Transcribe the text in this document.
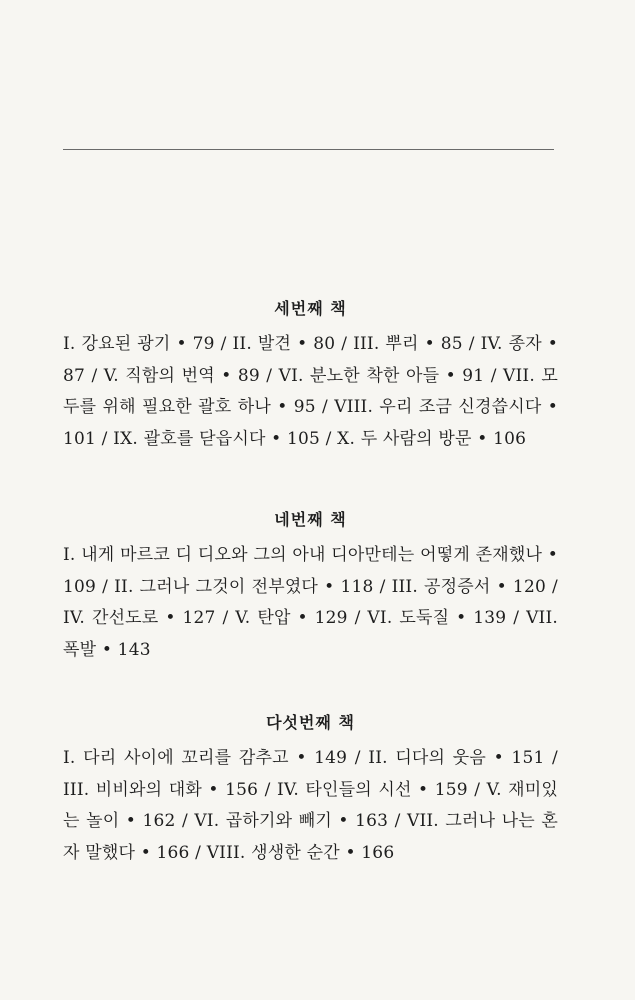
세번째 책
I. 강요된 광기 • 79 / II. 발견 • 80 / III. 뿌리 • 85 / IV. 종자 • 87 / V. 직함의 번역 • 89 / VI. 분노한 착한 아들 • 91 / VII. 모두를 위해 필요한 괄호 하나 • 95 / VIII. 우리 조금 신경씁시다 • 101 / IX. 괄호를 닫읍시다 • 105 / X. 두 사람의 방문 • 106
네번째 책
I. 내게 마르코 디 디오와 그의 아내 디아만테는 어떻게 존재했나 • 109 / II. 그러나 그것이 전부였다 • 118 / III. 공정증서 • 120 / IV. 간선도로 • 127 / V. 탄압 • 129 / VI. 도둑질 • 139 / VII. 폭발 • 143
다섯번째 책
I. 다리 사이에 꼬리를 감추고 • 149 / II. 디다의 웃음 • 151 / III. 비비와의 대화 • 156 / IV. 타인들의 시선 • 159 / V. 재미있는 놀이 • 162 / VI. 곱하기와 빼기 • 163 / VII. 그러나 나는 혼자 말했다 • 166 / VIII. 생생한 순간 • 166
